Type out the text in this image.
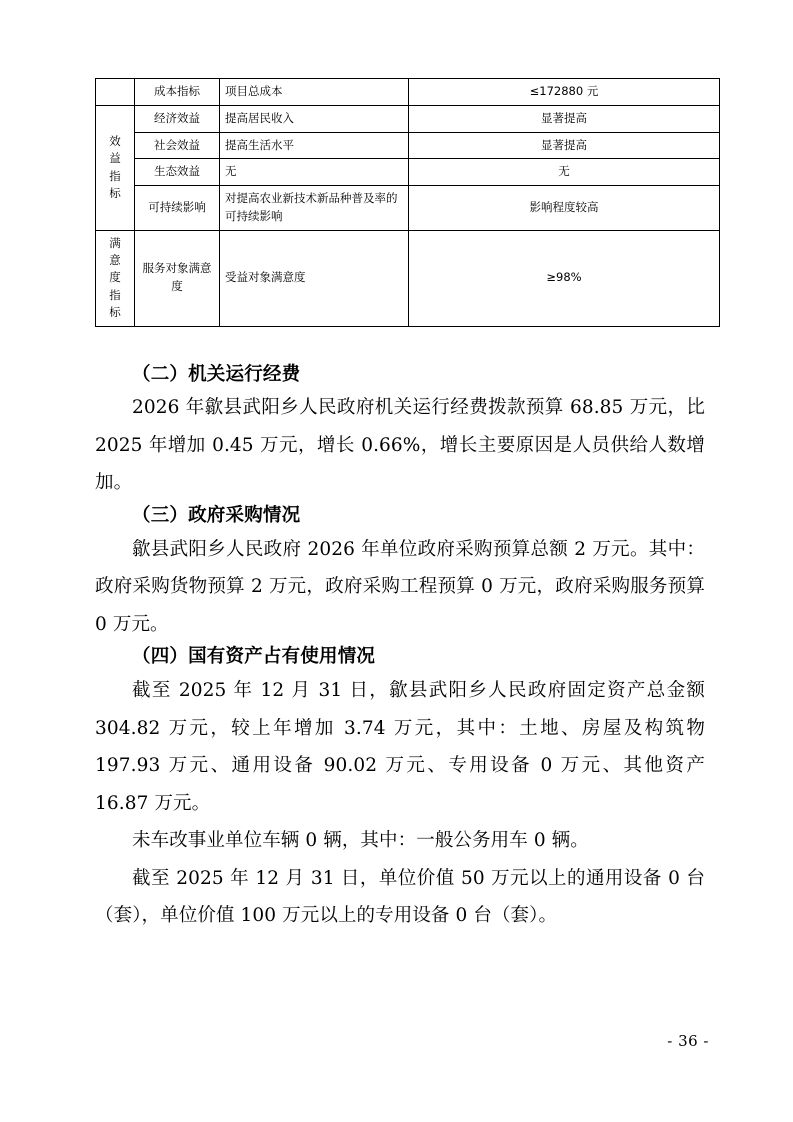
	成本指标	项目总成本	≤172880 元

效
益
指
标	经济效益	提高居民收入	显著提高
	社会效益	提高生活水平	显著提高
	生态效益	无	无
	可持续影响	对提高农业新技术新品种普及率的可持续影响	影响程度较高

满
意
度
指
标	服务对象满意度	受益对象满意度	≥98%
（二）机关运行经费

2026 年歙县武阳乡人民政府机关运行经费拨款预算 68.85 万元，比 2025 年增加 0.45 万元，增长 0.66%，增长主要原因是人员供给人数增加。

（三）政府采购情况

歙县武阳乡人民政府 2026 年单位政府采购预算总额 2 万元。其中：政府采购货物预算 2 万元，政府采购工程预算 0 万元，政府采购服务预算 0 万元。

（四）国有资产占有使用情况

截至 2025 年 12 月 31 日，歙县武阳乡人民政府固定资产总金额 304.82 万元，较上年增加 3.74 万元，其中：土地、房屋及构筑物 197.93 万元、通用设备 90.02 万元、专用设备 0 万元、其他资产 16.87 万元。

未车改事业单位车辆 0 辆，其中：一般公务用车 0 辆。

截至 2025 年 12 月 31 日，单位价值 50 万元以上的通用设备 0 台（套），单位价值 100 万元以上的专用设备 0 台（套）。

- 36 -
